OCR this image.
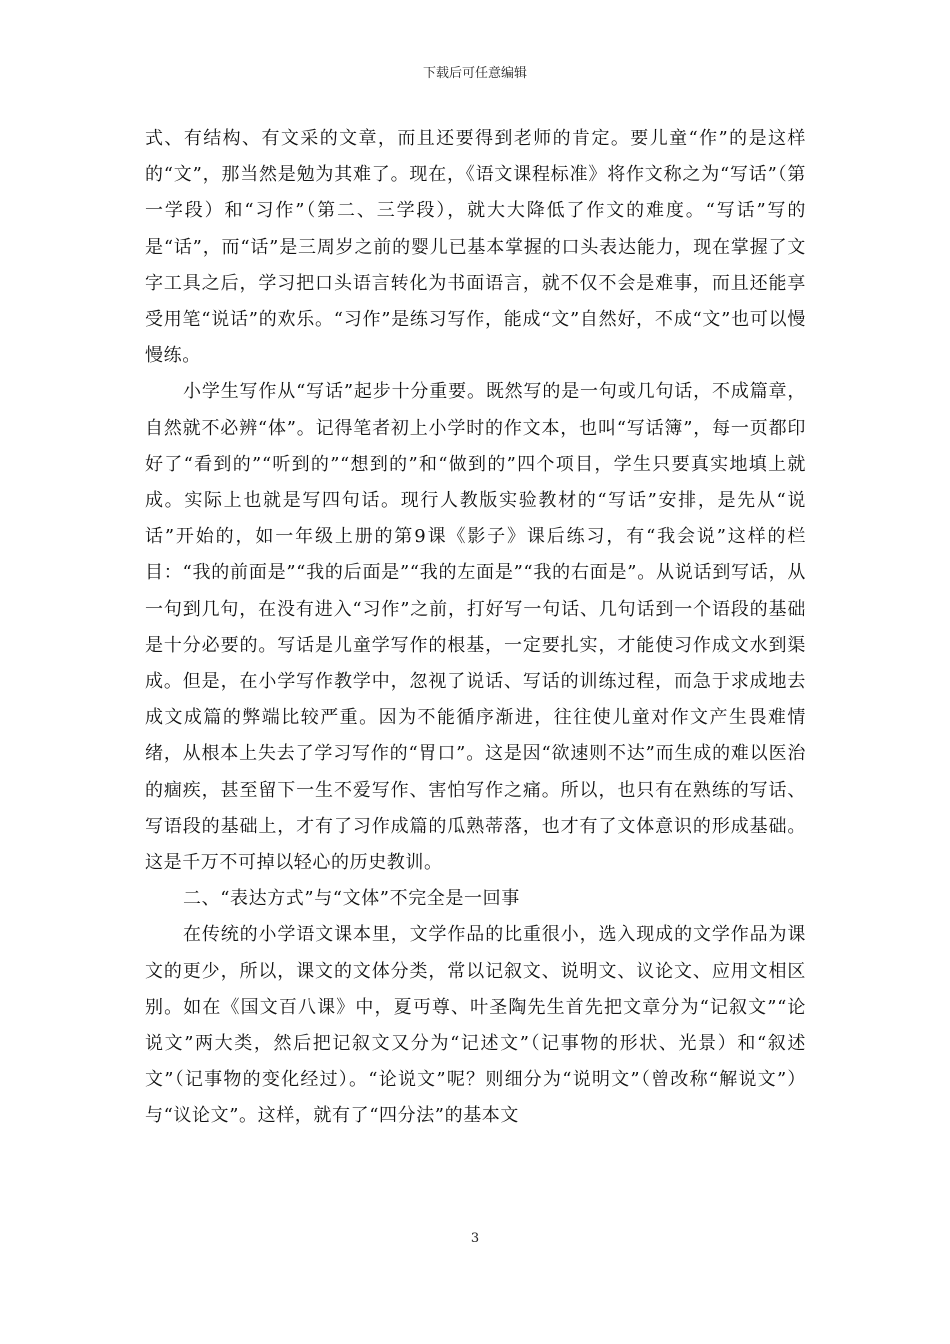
下载后可任意编辑

式、有结构、有文采的文章，而且还要得到老师的肯定。要儿童“作”的是这样的“文”，那当然是勉为其难了。现在，《语文课程标准》将作文称之为“写话”（第一学段）和“习作”（第二、三学段），就大大降低了作文的难度。“写话”写的是“话”，而“话”是三周岁之前的婴儿已基本掌握的口头表达能力，现在掌握了文字工具之后，学习把口头语言转化为书面语言，就不仅不会是难事，而且还能享受用笔“说话”的欢乐。“习作”是练习写作，能成“文”自然好，不成“文”也可以慢慢练。

小学生写作从“写话”起步十分重要。既然写的是一句或几句话，不成篇章，自然就不必辨“体”。记得笔者初上小学时的作文本，也叫“写话簿”，每一页都印好了“看到的”“听到的”“想到的”和“做到的”四个项目，学生只要真实地填上就成。实际上也就是写四句话。现行人教版实验教材的“写话”安排，是先从“说话”开始的，如一年级上册的第9课《影子》课后练习，有“我会说”这样的栏目：“我的前面是”“我的后面是”“我的左面是”“我的右面是”。从说话到写话，从一句到几句，在没有进入“习作”之前，打好写一句话、几句话到一个语段的基础是十分必要的。写话是儿童学写作的根基，一定要扎实，才能使习作成文水到渠成。但是，在小学写作教学中，忽视了说话、写话的训练过程，而急于求成地去成文成篇的弊端比较严重。因为不能循序渐进，往往使儿童对作文产生畏难情绪，从根本上失去了学习写作的“胃口”。这是因“欲速则不达”而生成的难以医治的痼疾，甚至留下一生不爱写作、害怕写作之痛。所以，也只有在熟练的写话、写语段的基础上，才有了习作成篇的瓜熟蒂落，也才有了文体意识的形成基础。这是千万不可掉以轻心的历史教训。

二、“表达方式”与“文体”不完全是一回事

在传统的小学语文课本里，文学作品的比重很小，选入现成的文学作品为课文的更少，所以，课文的文体分类，常以记叙文、说明文、议论文、应用文相区别。如在《国文百八课》中，夏丏尊、叶圣陶先生首先把文章分为“记叙文”“论说文”两大类，然后把记叙文又分为“记述文”（记事物的形状、光景）和“叙述文”（记事物的变化经过）。“论说文”呢？则细分为“说明文”（曾改称“解说文”）与“议论文”。这样，就有了“四分法”的基本文

3
